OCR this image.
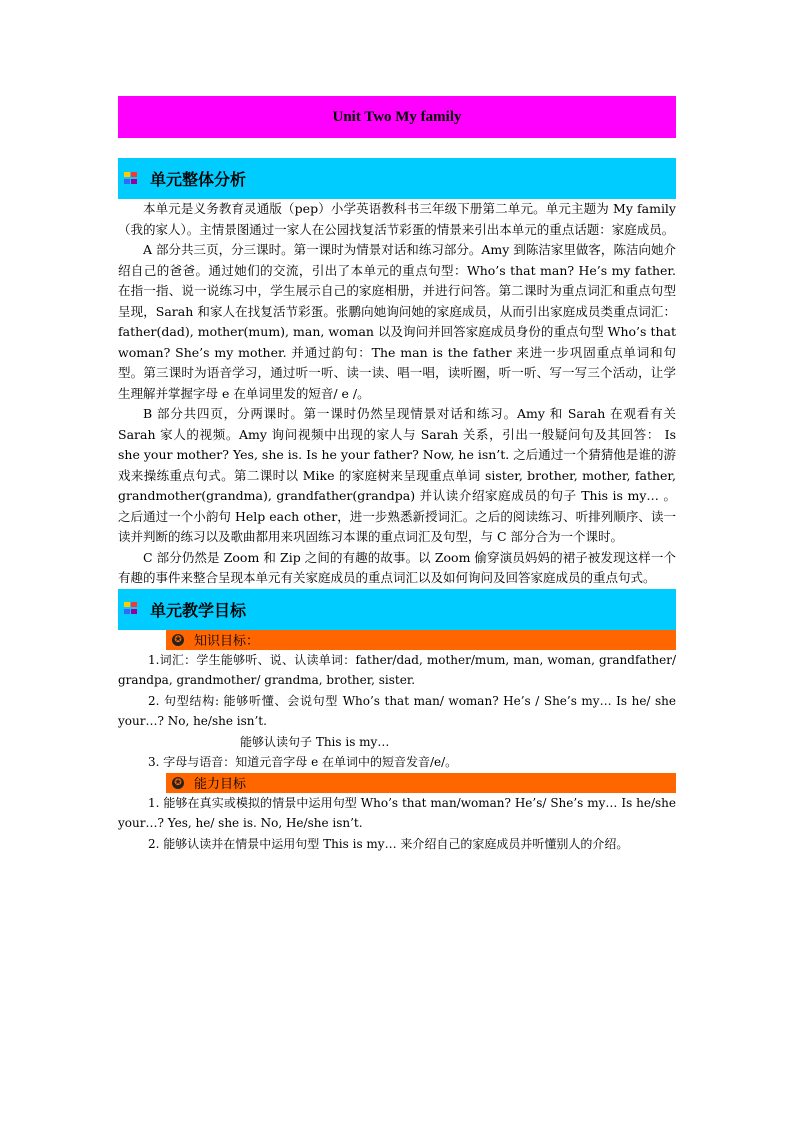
Unit Two My family
单元整体分析

本单元是义务教育灵通版（pep）小学英语教科书三年级下册第二单元。单元主题为 My family （我的家人）。主情景图通过一家人在公园找复活节彩蛋的情景来引出本单元的重点话题：家庭成员。

A 部分共三页，分三课时。第一课时为情景对话和练习部分。Amy 到陈洁家里做客，陈洁向她介绍自己的爸爸。通过她们的交流，引出了本单元的重点句型：Who’s that man? He’s my father. 在指一指、说一说练习中，学生展示自己的家庭相册，并进行问答。第二课时为重点词汇和重点句型呈现，Sarah 和家人在找复活节彩蛋。张鹏向她询问她的家庭成员，从而引出家庭成员类重点词汇：father(dad), mother(mum), man, woman 以及询问并回答家庭成员身份的重点句型 Who’s that woman? She’s my mother. 并通过韵句：The man is the father 来进一步巩固重点单词和句型。第三课时为语音学习，通过听一听、读一读、唱一唱，读听圈，听一听、写一写三个活动，让学生理解并掌握字母 e 在单词里发的短音/ e /。

B 部分共四页，分两课时。第一课时仍然呈现情景对话和练习。Amy 和 Sarah 在观看有关 Sarah 家人的视频。Amy 询问视频中出现的家人与 Sarah 关系，引出一般疑问句及其回答： Is she your mother? Yes, she is. Is he your father? Now, he isn’t. 之后通过一个猜猜他是谁的游戏来操练重点句式。第二课时以 Mike 的家庭树来呈现重点单词 sister, brother, mother, father, grandmother(grandma), grandfather(grandpa) 并认读介绍家庭成员的句子 This is my… 。之后通过一个小韵句 Help each other，进一步熟悉新授词汇。之后的阅读练习、听排列顺序、读一读并判断的练习以及歌曲都用来巩固练习本课的重点词汇及句型，与 C 部分合为一个课时。

C 部分仍然是 Zoom 和 Zip 之间的有趣的故事。以 Zoom 偷穿演员妈妈的裙子被发现这样一个有趣的事件来整合呈现本单元有关家庭成员的重点词汇以及如何询问及回答家庭成员的重点句式。

单元教学目标
✪ 知识目标：

1.词汇：学生能够听、说、认读单词：father/dad, mother/mum, man, woman, grandfather/ grandpa, grandmother/ grandma, brother, sister.

2. 句型结构: 能够听懂、会说句型 Who’s that man/ woman? He’s / She’s my… Is he/ she your…? No, he/she isn’t.

能够认读句子 This is my…

3. 字母与语音：知道元音字母 e 在单词中的短音发音/e/。

✪ 能力目标

1. 能够在真实或模拟的情景中运用句型 Who’s that man/woman? He’s/ She’s my… Is he/she your…? Yes, he/ she is. No, He/she isn’t.

2. 能够认读并在情景中运用句型 This is my… 来介绍自己的家庭成员并听懂别人的介绍。
